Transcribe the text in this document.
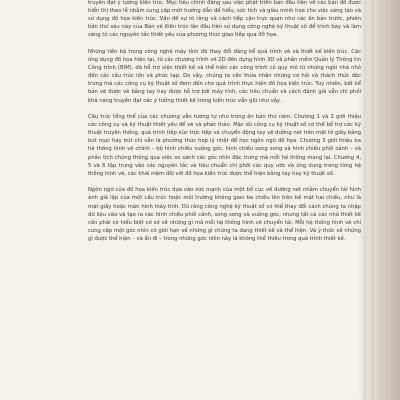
truyền đạt ý tưởng kiến trúc. Mục tiêu chính đằng sau việc phát triển bản đầu tiên về các bản đồ được hiển thị theo lễ nhằm cung cấp một hướng dẫn để hiểu, sức tích và giàu minh họa cho việc sáng tạo và sử dụng đồ họa kiến trúc. Vấn đề sự rõ ràng và cách tiếp cận trực quan như các ấn bản trước, phiên bản thứ sáu này của Bản vẽ Kiến trúc lần đầu tiên sử dụng công nghệ kỹ thuật số để trình bày và làm sáng tỏ các nguyên tắc thiết yếu của phương thức giao tiếp qua đồ họa.

Những tiến bộ trong công nghệ máy tính đã thay đổi đáng kể quá trình vẽ và thiết kế kiến trúc. Các ứng dụng đồ họa hiện tại, từ các chương trình vẽ 2D đến dựng hình 3D và phần mềm Quản lý Thông tin Công trình (BIM), đã hỗ trợ việc thiết kế và thể hiện các công trình có quy mô từ những ngôi nhà nhỏ đến các cấu trúc lớn và phức tạp. Do vậy, chúng ta cần thừa nhận những cơ hội và thách thức độc trưng mà các công cụ kỹ thuật số đem đến cho quá trình thực hiện đồ họa kiến trúc. Tuy nhiên, bất kể bản vẽ được vẽ bằng tay hay được hỗ trợ bởi máy tính, các tiêu chuẩn và cách đánh giá vẫn chi phối khả năng truyền đạt các ý tưởng thiết kế trong kiến trúc vẫn giữ như vậy.

Cấu trúc tổng thể của các chương vẫn tương tự như trong ấn bản thứ năm. Chương 1 và 2 giới thiệu các công cụ và kỹ thuật thiết yếu để vẽ và phác thảo. Mặc dù công cụ kỹ thuật số có thể bổ trợ các kỹ thuật truyền thống, quá trình tiếp xúc trực tiếp và chuyển động tay vẽ đường nét trên mặt tờ giấy bằng bút mực hay bút chì vẫn là phương thức họp lý nhất để học ngôn ngữ đồ họa. Chương 3 giới thiệu ba hệ thống hình vẽ chính – bộ hình chiếu vuông góc, hình chiếu song song và hình chiếu phối cảnh – và phân tích chúng thông qua việc so sánh các góc nhìn đặc trưng mà mỗi hệ thống mang lại. Chương 4, 5 và 6 tập trung vào các nguyên tắc và tiêu chuẩn chi phối các quy ước và ứng dụng trong từng hệ thống hình vẽ, các khái niệm đối với đồ họa kiến trúc được thể hiện bằng tay hay kỹ thuật số.

Ngôn ngữ của đồ họa kiến trúc dựa vào sức mạnh của một bố cục về đường nét nhằm chuyển tải hình ảnh giả lập của một cấu trúc hoặc môi trường không gian ba chiều lên trên bề mặt hai chiều, như là mặt giấy hoặc màn hình máy tính. Dù rằng công nghệ kỹ thuật số có thể thay đổi cách chúng ta nhập dữ liệu vào và tạo ra các hình chiếu phối cảnh, song song và vuông góc, nhưng tất cả các nhà thiết kế cần phải có hiểu biết cơ sở về những gì mà mỗi hệ thống hình vẽ chuyển tải. Mỗi hệ thống hình vẽ chỉ cung cấp một góc nhìn có giới hạn về những gì chúng ta đang thiết kế và thể hiện. Và ý thức về những gì được thể hiện – và ẩn đi – trong những góc nhìn này là không thể thiếu trong quá trình thiết kế.
